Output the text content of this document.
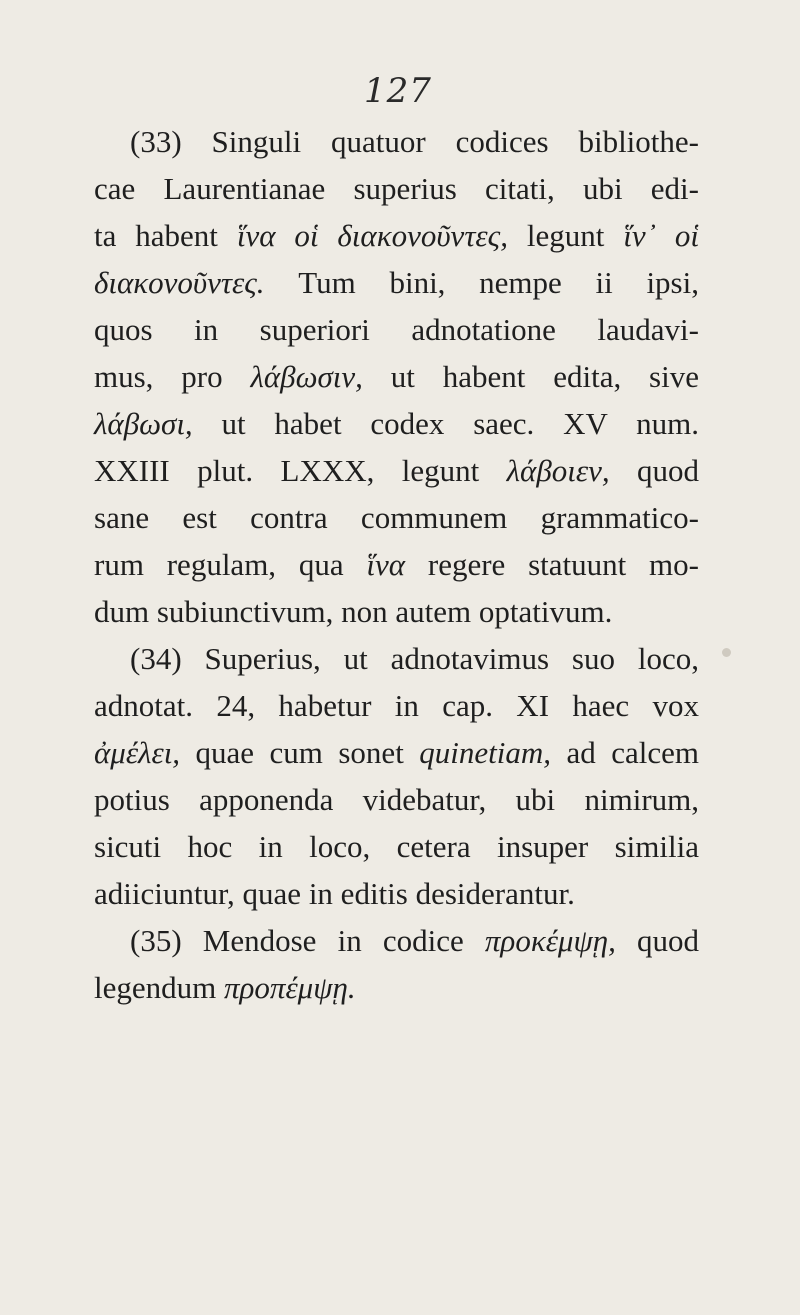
127
(33) Singuli quatuor codices bibliothe-
cae Laurentianae superius citati, ubi edi-
ta habent ἵνα οἱ διακονοῦντες, legunt ἵν᾽ οἱ
διακονοῦντες. Tum bini, nempe ii ipsi,
quos in superiori adnotatione laudavi-
mus, pro λάβωσιν, ut habent edita, sive
λάβωσι, ut habet codex saec. XV num.
XXIII plut. LXXX, legunt λάβοιεν, quod
sane est contra communem grammatico-
rum regulam, qua ἵνα regere statuunt mo-
dum subiunctivum, non autem optativum.
(34) Superius, ut adnotavimus suo loco,
adnotat. 24, habetur in cap. XI haec vox
ἀμέλει, quae cum sonet quinetiam, ad calcem
potius apponenda videbatur, ubi nimirum,
sicuti hoc in loco, cetera insuper similia
adiiciuntur, quae in editis desiderantur.
(35) Mendose in codice προκέμψῃ, quod
legendum προπέμψῃ.
